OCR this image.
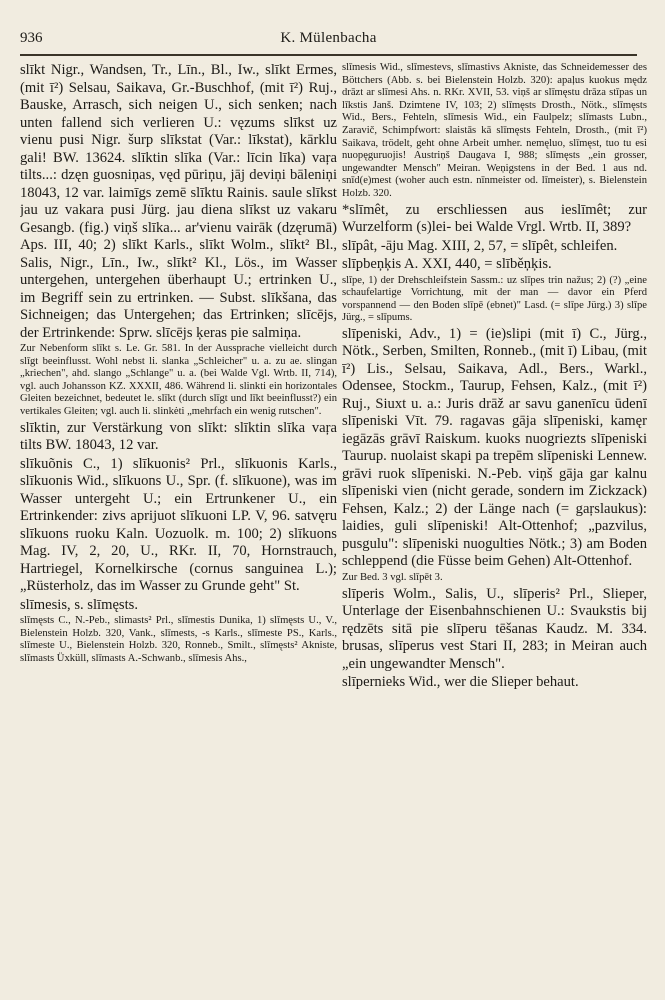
936	K. Mülenbacha

slīkt Nigr., Wandsen, Tr., Līn., Bl., Iw., slīkt Ermes, (mit ī²) Selsau, Saikava, Gr.-Buschhof, (mit ī²) Ruj., Bauske, Arrasch, sich neigen U., sich senken; nach unten fallend sich verlieren U.: vęzums slīkst uz vienu pusi Nigr. šurp slīkstat (Var.: līkstat), kārklu gali! BW. 13624. slīktin slīka (Var.: līcin līka) vaŗa tilts...: dzęn guosniņas, vęd pūriņu, jāj deviņi bāleniņi 18043, 12 var. laimīgs zemē slīktu Rainis. saule slīkst jau uz vakara pusi Jürg. jau diena slīkst uz vakaru Gesangb. (fig.) viņš slīka... ar'vienu vairāk (dzęrumā) Aps. III, 40; 2) slīkt Karls., slīkt Wolm., slīkt² Bl., Salis, Nigr., Līn., Iw., slīkt² Kl., Lös., im Wasser untergehen, untergehen überhaupt U.; ertrinken U., im Begriff sein zu ertrinken. — Subst. slīkšana, das Sichneigen; das Untergehen; das Ertrinken; slīcējs, der Ertrinkende: Sprw. slīcējs ķeras pie salmiņa.

Zur Nebenform slīkt s. Le. Gr. 581. In der Aussprache vielleicht durch slīgt beeinflusst. Wohl nebst li. slankа „Schleicher" u. a. zu ae. slingan „kriechen", ahd. slango „Schlange" u. a. (bei Walde Vgl. Wrtb. II, 714), vgl. auch Johansson KZ. XXXII, 486. Während li. slinkti ein horizontales Gleiten bezeichnet, bedeutet le. slīkt (durch slīgt und līkt beeinflusst?) ein vertikales Gleiten; vgl. auch li. slinkėti „mehrfach ein wenig rutschen".

slīktin, zur Verstärkung von slīkt: slīktin slīka vaŗa tilts BW. 18043, 12 var.

slīkuõnis C., 1) slīkuonis² Prl., slīkuonis Karls., slīkuonis Wid., slīkuons U., Spr. (f. slīkuone), was im Wasser untergeht U.; ein Ertrunkener U., ein Ertrinkender: zivs aprijuot slīkuoni LP. V, 96. satvęru slīkuons ruoku Kaln. Uozuolk. m. 100; 2) slīkuons Mag. IV, 2, 20, U., RKr. II, 70, Hornstrauch, Hartriegel, Kornelkirsche (cornus sanguinea L.); „Rüsterholz, das im Wasser zu Grunde geht" St.

slīmesis, s. slīmęsts.

slīmęsts C., N.-Peb., slimasts² Prl., slīmestis Dunika, 1) slīmęsts U., V., Bielenstein Holzb. 320, Vank., slīmests, -s Karls., slīmeste PS., Karls., slīmeste U., Bielenstein Holzb. 320, Ronneb., Smilt., slīmęsts² Akniste, slīmasts Üxküll, slīmasts A.-Schwanb., slīmesis Ahs.,

slīmesis Wid., slīmestevs, slīmastivs Akniste, das Schneidemesser des Böttchers (Abb. s. bei Bielenstein Holzb. 320): apaļus kuokus mędz drāzt ar slīmesi Ahs. n. RKr. XVII, 53. viņš ar slīmęstu drāza stīpas un līkstis Janš. Dzimtene IV, 103; 2) slīmęsts Drosth., Nötk., slīmęsts Wid., Bers., Fehteln, slīmesis Wid., ein Faulpelz; slīmasts Lubn., Zaravič, Schimpfwort: slaistās kā slīmęsts Fehteln, Drosth., (mit ī²) Saikava, trödelt, geht ohne Arbeit umher. nemęluo, slīmęst, tuo tu esi nuopęguruojis! Austriņš Daugava I, 988; slīmęsts „ein grosser, ungewandter Mensch" Meiran. Weņigstens in der Bed. 1 aus nd. snīd(e)mest (woher auch estn. nīnmeister od. līmeister), s. Bielenstein Holzb. 320.

*slīmêt, zu erschliessen aus ieslīmêt; zur Wurzelform (s)lei- bei Walde Vrgl. Wrtb. II, 389?

slīpât, -āju Mag. XIII, 2, 57, = slīpêt, schleifen.

slīpbeņķis A. XXI, 440, = slīběņķis.

slīpe, 1) der Drehschleifstein Sassm.: uz slīpes trin nažus; 2) (?) „eine schaufelartige Vorrichtung, mit der man — davor ein Pferd vorspannend — den Boden slīpē (ebnet)" Lasd. (= slīpe Jürg.) 3) slīpe Jürg., = slīpums.

slīpeniski, Adv., 1) = (ie)slipi (mit ī) C., Jürg., Nötk., Serben, Smilten, Ronneb., (mit ī) Libau, (mit ī²) Lis., Selsau, Saikava, Adl., Bers., Warkl., Odensee, Stockm., Taurup, Fehsen, Kalz., (mit ī²) Ruj., Siuxt u. a.: Juris drāž ar savu ganenīcu ūdenī slīpeniski Vīt. 79. ragavas gāja slīpeniski, kamęr iegāzās grāvī Raiskum. kuoks nuogriezts slīpeniski Taurup. nuolaist skapi pa trepēm slīpeniski Lennew. grāvi ruok slīpeniski. N.-Peb. viņš gāja gar kalnu slīpeniski vien (nicht gerade, sondern im Zickzack) Fehsen, Kalz.; 2) der Länge nach (= gaŗslaukus): laidies, guli slīpeniski! Alt-Ottenhof; „pazvilus, pusgulu": slīpeniski nuogulties Nötk.; 3) am Boden schleppend (die Füsse beim Gehen) Alt-Ottenhof.

Zur Bed. 3 vgl. slīpēt 3.

slīperis Wolm., Salis, U., slīperis² Prl., Slieper, Unterlage der Eisenbahnschienen U.: Svaukstis bij rędzēts sitā pie slīperu tēšanas Kaudz. M. 334. brusas, slīperus vest Stari II, 283; in Meiran auch „ein ungewandter Mensch".

slīpernieks Wid., wer die Slieper behaut.
